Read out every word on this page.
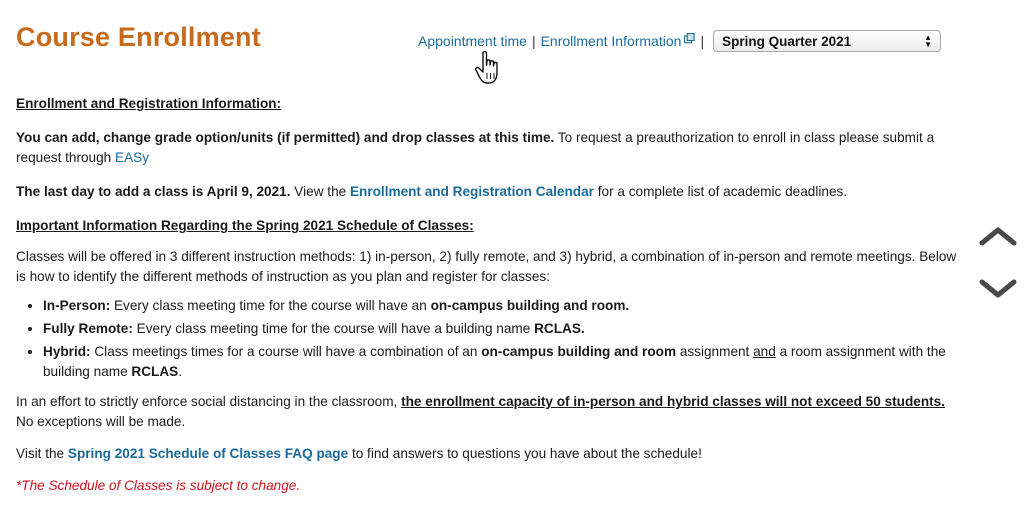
Course Enrollment	Appointment time | Enrollment Information	| Spring Quarter 2021	▲
▼

Enrollment and Registration Information:

You can add, change grade option/units (if permitted) and drop classes at this time. To request a preauthorization to enroll in class please submit a request through EASy

The last day to add a class is April 9, 2021. View the Enrollment and Registration Calendar for a complete list of academic deadlines.

Important Information Regarding the Spring 2021 Schedule of Classes:

Classes will be offered in 3 different instruction methods: 1) in-person, 2) fully remote, and 3) hybrid, a combination of in-person and remote meetings. Below is how to identify the different methods of instruction as you plan and register for classes:

• In-Person: Every class meeting time for the course will have an on-campus building and room.
• Fully Remote: Every class meeting time for the course will have a building name RCLAS.
• Hybrid: Class meetings times for a course will have a combination of an on-campus building and room assignment and a room assignment with the building name RCLAS.

In an effort to strictly enforce social distancing in the classroom, the enrollment capacity of in-person and hybrid classes will not exceed 50 students. No exceptions will be made.

Visit the Spring 2021 Schedule of Classes FAQ page to find answers to questions you have about the schedule!

*The Schedule of Classes is subject to change.
